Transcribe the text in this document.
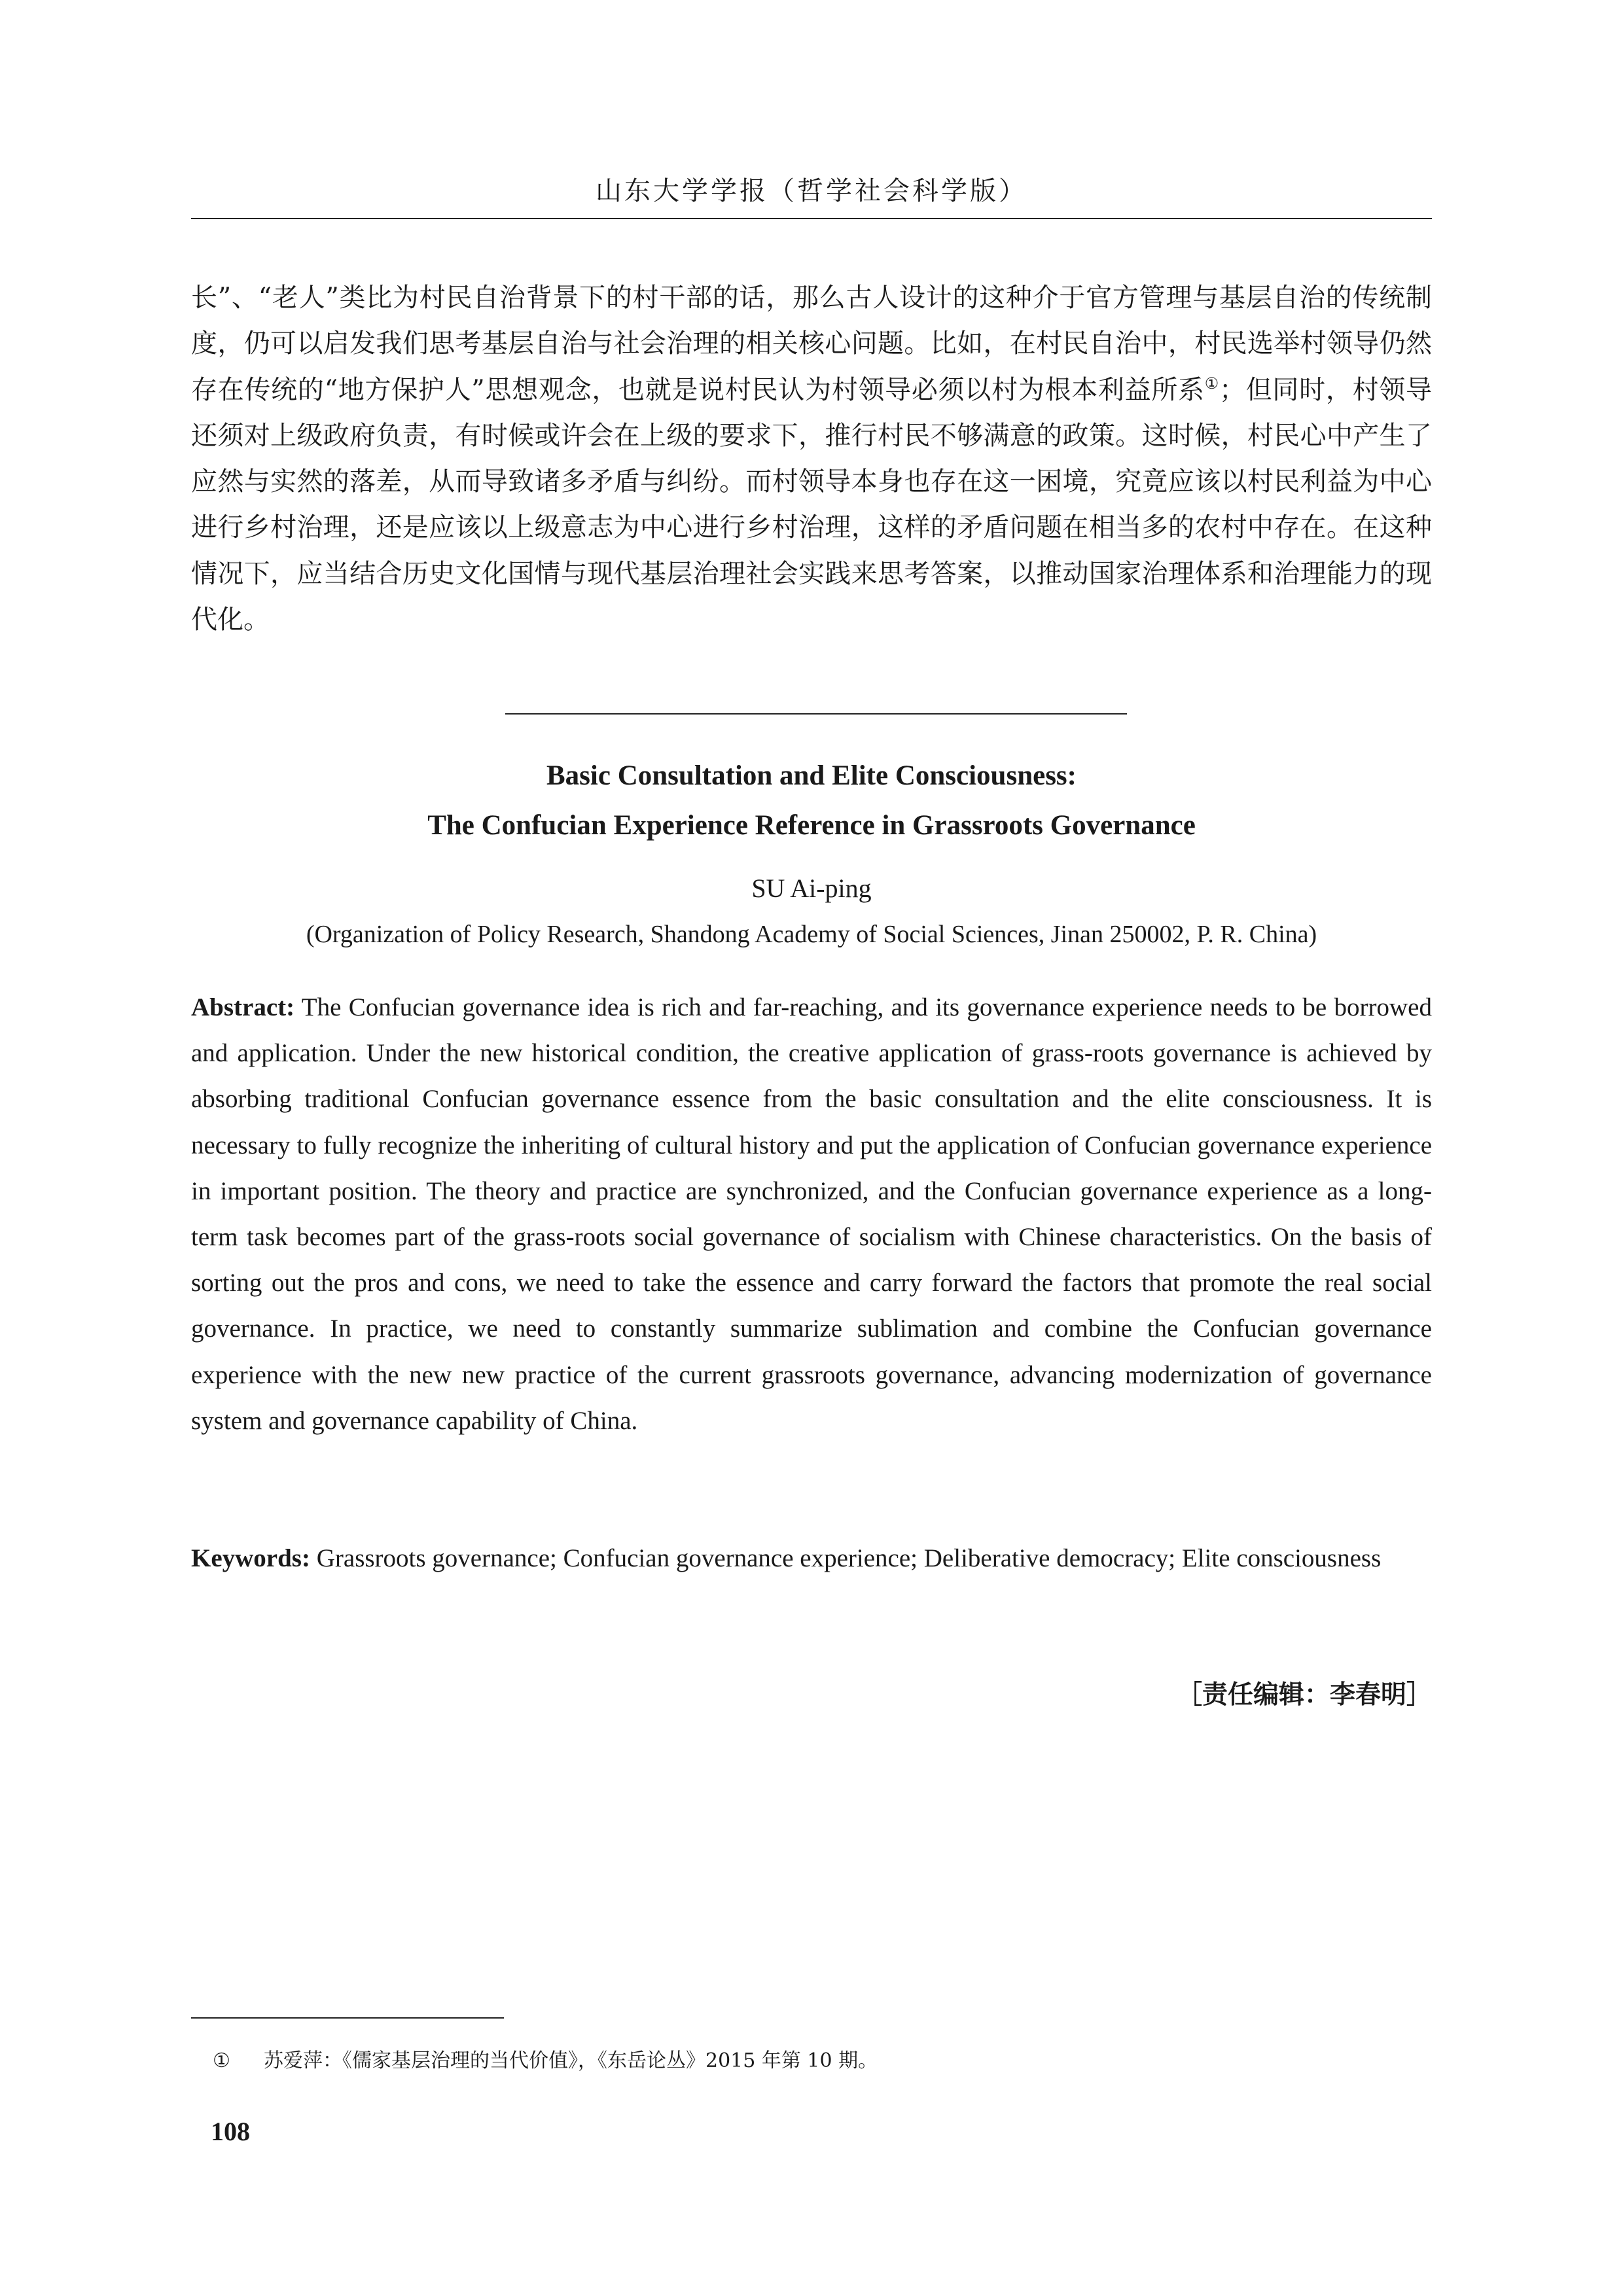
山东大学学报（哲学社会科学版）

长”、“老人”类比为村民自治背景下的村干部的话，那么古人设计的这种介于官方管理与基层自治的传统制度，仍可以启发我们思考基层自治与社会治理的相关核心问题。比如，在村民自治中，村民选举村领导仍然存在传统的“地方保护人”思想观念，也就是说村民认为村领导必须以村为根本利益所系①；但同时，村领导还须对上级政府负责，有时候或许会在上级的要求下，推行村民不够满意的政策。这时候，村民心中产生了应然与实然的落差，从而导致诸多矛盾与纠纷。而村领导本身也存在这一困境，究竟应该以村民利益为中心进行乡村治理，还是应该以上级意志为中心进行乡村治理，这样的矛盾问题在相当多的农村中存在。在这种情况下，应当结合历史文化国情与现代基层治理社会实践来思考答案，以推动国家治理体系和治理能力的现代化。

Basic Consultation and Elite Consciousness:
The Confucian Experience Reference in Grassroots Governance
SU Ai-ping
(Organization of Policy Research, Shandong Academy of Social Sciences, Jinan 250002, P. R. China)
Abstract: The Confucian governance idea is rich and far-reaching, and its governance experience needs to be borrowed and application. Under the new historical condition, the creative application of grass-roots governance is achieved by absorbing traditional Confucian governance essence from the basic consultation and the elite consciousness. It is necessary to fully recognize the inheriting of cultural history and put the application of Confucian governance experience in important position. The theory and practice are synchronized, and the Confucian governance experience as a long-term task becomes part of the grass-roots social governance of socialism with Chinese characteristics. On the basis of sorting out the pros and cons, we need to take the essence and carry forward the factors that promote the real social governance. In practice, we need to constantly summarize sublimation and combine the Confucian governance experience with the new new practice of the current grassroots governance, advancing modernization of governance system and governance capability of China.
Keywords: Grassroots governance; Confucian governance experience; Deliberative democracy; Elite consciousness
［责任编辑：李春明］
① 苏爱萍：《儒家基层治理的当代价值》，《东岳论丛》2015 年第 10 期。
108
